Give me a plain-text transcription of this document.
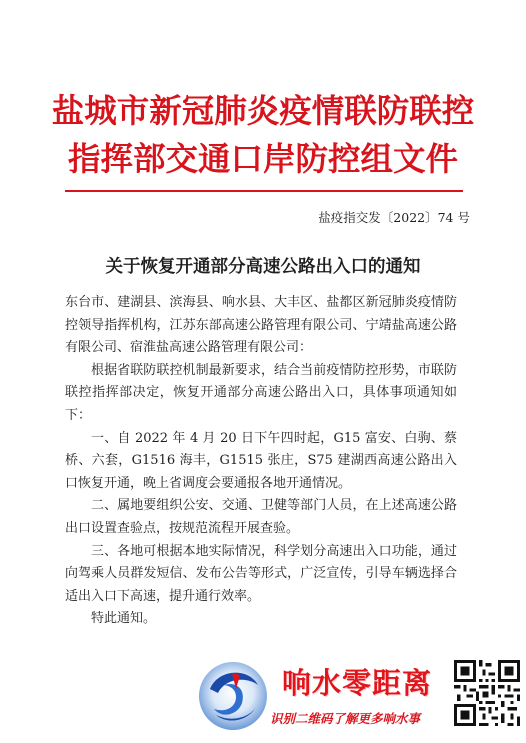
盐城市新冠肺炎疫情联防联控
指挥部交通口岸防控组文件
盐疫指交发〔2022〕74 号
关于恢复开通部分高速公路出入口的通知

东台市、建湖县、滨海县、响水县、大丰区、盐都区新冠肺炎疫情防控领导指挥机构，江苏东部高速公路管理有限公司、宁靖盐高速公路有限公司、宿淮盐高速公路管理有限公司：

根据省联防联控机制最新要求，结合当前疫情防控形势，市联防联控指挥部决定，恢复开通部分高速公路出入口，具体事项通知如下：

一、自 2022 年 4 月 20 日下午四时起，G15 富安、白驹、蔡桥、六套，G1516 海丰，G1515 张庄，S75 建湖西高速公路出入口恢复开通，晚上省调度会要通报各地开通情况。

二、属地要组织公安、交通、卫健等部门人员，在上述高速公路出口设置查验点，按规范流程开展查验。

三、各地可根据本地实际情况，科学划分高速出入口功能，通过向驾乘人员群发短信、发布公告等形式，广泛宣传，引导车辆选择合适出入口下高速，提升通行效率。

特此通知。

响水零距离
识别二维码了解更多响水事
